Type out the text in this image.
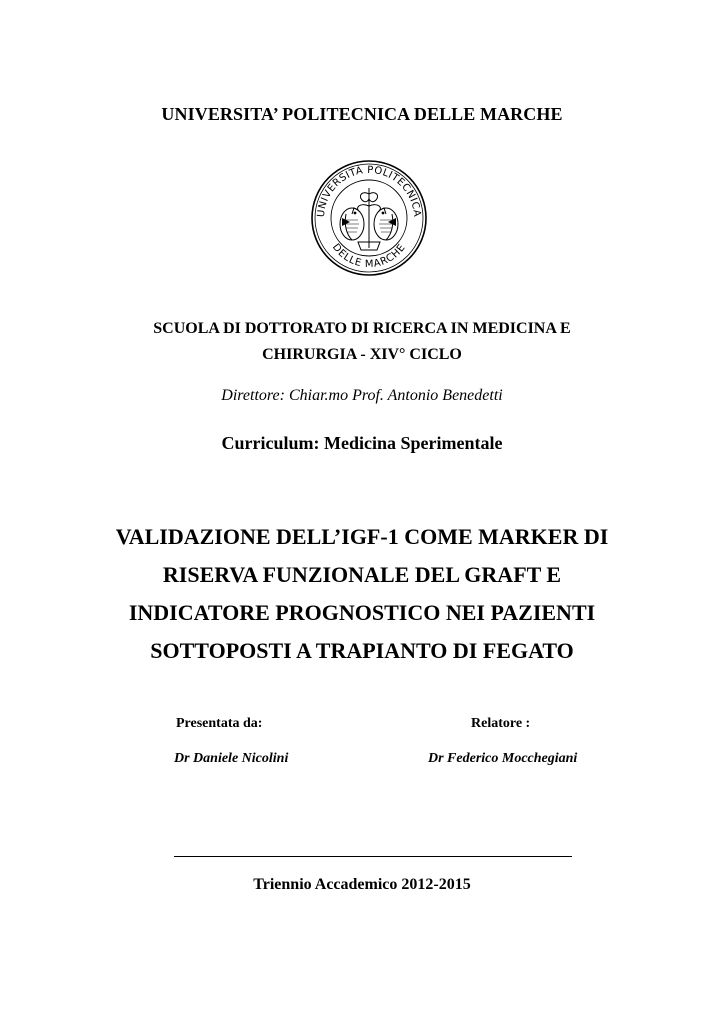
UNIVERSITA’ POLITECNICA DELLE MARCHE
UNIVERSITÀ POLITECNICA
DELLE MARCHE
SCUOLA DI DOTTORATO DI RICERCA IN MEDICINA E
CHIRURGIA - XIV° CICLO
Direttore: Chiar.mo Prof. Antonio Benedetti
Curriculum: Medicina Sperimentale
VALIDAZIONE DELL’IGF-1 COME MARKER DI
RISERVA FUNZIONALE DEL GRAFT E
INDICATORE PROGNOSTICO NEI PAZIENTI
SOTTOPOSTI A TRAPIANTO DI FEGATO
Presentata da:
Dr Daniele Nicolini
Relatore :
Dr Federico Mocchegiani
Triennio Accademico 2012-2015
